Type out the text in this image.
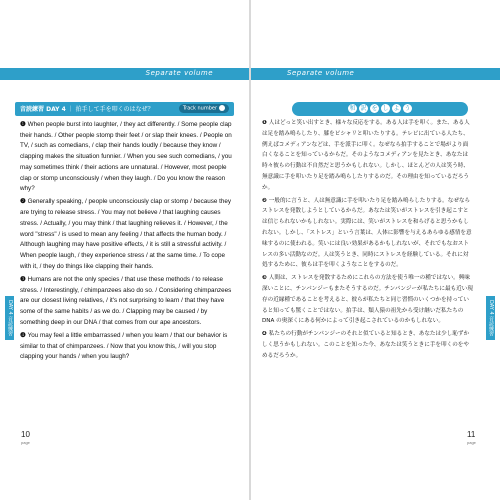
Separate volume	Separate volume
音読練習 DAY 4 ｜ 拍手して手を叩くのはなぜ？	Track number

❶ When people burst into laughter, / they act differently. / Some people clap their hands. / Other people stomp their feet / or slap their knees. / People on TV, / such as comedians, / clap their hands loudly / because they know / clapping makes the situation funnier. / When you see such comedians, / you may sometimes think / their actions are unnatural. / However, most people clap or stomp unconsciously / when they laugh. / Do you know the reason why?

❷ Generally speaking, / people unconsciously clap or stomp / because they are trying to release stress. / You may not believe / that laughing causes stress. / Actually, / you may think / that laughing relieves it. / However, / the word "stress" / is used to mean any feeling / that affects the human body. / Although laughing may have positive effects, / it is still a stressful activity. / When people laugh, / they experience stress / at the same time. / To cope with it, / they do things like clapping their hands.

❸ Humans are not the only species / that use these methods / to release stress. / Interestingly, / chimpanzees also do so. / Considering chimpanzees are our closest living relatives, / it's not surprising to learn / that they have some of the same habits / as we do. / Clapping may be caused / by something deep in our DNA / that comes from our ape ancestors.

❹ You may feel a little embarrassed / when you learn / that our behavior is similar to that of chimpanzees. / Now that you know this, / will you stop clapping your hands / when you laugh?

DAY 4 音読練習
10
page
和 訳 を し よ う

❶ 人はどっと笑い出すとき、様々な反応をする。ある人は手を叩く。また、ある人は足を踏み鳴らしたり、膝をピシャリと叩いたりする。テレビに出ている人たち、例えばコメディアンなどは、手を派手に叩く。なぜなら拍手することで場がより面白くなることを知っているからだ。そのようなコメディアンを見たとき、あなたは時々彼らの行動は不自然だと思うかもしれない。しかし、ほとんどの人は笑う時、無意識に手を叩いたり足を踏み鳴らしたりするのだ。その理由を知っているだろうか。

❷ 一般的に言うと、人は無意識に手を叩いたり足を踏み鳴らしたりする。なぜならストレスを発散しようとしているからだ。あなたは笑いがストレスを引き起こすとは信じられないかもしれない。実際には、笑いがストレスを和らげると思うかもしれない。しかし、「ストレス」という言葉は、人体に影響を与えるあらゆる感情を意味するのに使われる。笑いには良い効果があるかもしれないが、それでもなおストレスの多い活動なのだ。人は笑うとき、同時にストレスを経験している。それに対処するために、彼らは手を叩くようなことをするのだ。

❸ 人間は、ストレスを発散するためにこれらの方法を使う唯一の種ではない。興味深いことに、チンパンジーもまたそうするのだ。チンパンジーが私たちに最も近い現存の近縁種であることを考えると、彼らが私たちと同じ習慣のいくつかを持っていると知っても驚くことではない。拍手は、類人猿の祖先から受け継いだ私たちの DNA の奥深くにある何かによって引き起こされているのかもしれない。

❹ 私たちの行動がチンパンジーのそれと似ていると知るとき、あなたは少し恥ずかしく思うかもしれない。このことを知った今、あなたは笑うときに手を叩くのをやめるだろうか。

DAY 4 音読練習
11
page
